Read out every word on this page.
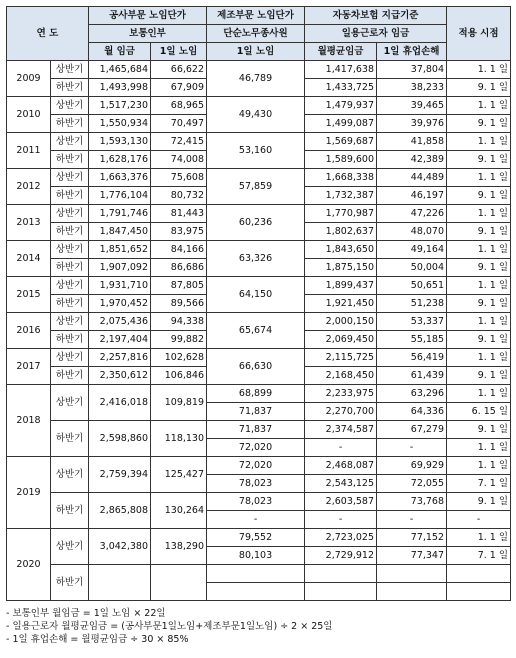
연 도		공사부문 노임단가		제조부문 노임단가	자동차보험 지급기준		적용 시점
		보통인부		단순노무종사원	일용근로자 임금		
		월 임금	1일 노임	1일 노임	월평균임금	1일 휴업손해	
2009	상반기	1,465,684	66,622	46,789	1,417,638	37,804	1. 1 일
	하반기	1,493,998	67,909		1,433,725	38,233	9. 1 일
2010	상반기	1,517,230	68,965	49,430	1,479,937	39,465	1. 1 일
	하반기	1,550,934	70,497		1,499,087	39,976	9. 1 일
2011	상반기	1,593,130	72,415	53,160	1,569,687	41,858	1. 1 일
	하반기	1,628,176	74,008		1,589,600	42,389	9. 1 일
2012	상반기	1,663,376	75,608	57,859	1,668,338	44,489	1. 1 일
	하반기	1,776,104	80,732		1,732,387	46,197	9. 1 일
2013	상반기	1,791,746	81,443	60,236	1,770,987	47,226	1. 1 일
	하반기	1,847,450	83,975		1,802,637	48,070	9. 1 일
2014	상반기	1,851,652	84,166	63,326	1,843,650	49,164	1. 1 일
	하반기	1,907,092	86,686		1,875,150	50,004	9. 1 일
2015	상반기	1,931,710	87,805	64,150	1,899,437	50,651	1. 1 일
	하반기	1,970,452	89,566		1,921,450	51,238	9. 1 일
2016	상반기	2,075,436	94,338	65,674	2,000,150	53,337	1. 1 일
	하반기	2,197,404	99,882		2,069,450	55,185	9. 1 일
2017	상반기	2,257,816	102,628	66,630	2,115,725	56,419	1. 1 일
	하반기	2,350,612	106,846		2,168,450	61,439	9. 1 일
2018	상반기	2,416,018	109,819	68,899	2,233,975	63,296	1. 1 일
				71,837	2,270,700	64,336	6. 15 일
	하반기	2,598,860	118,130	71,837	2,374,587	67,279	9. 1 일
				72,020	-	-	1. 1 일
2019	상반기	2,759,394	125,427	72,020	2,468,087	69,929	1. 1 일
				78,023	2,543,125	72,055	7. 1 일
	하반기	2,865,808	130,264	78,023	2,603,587	73,768	9. 1 일
				-	-	-	-
2020	상반기	3,042,380	138,290	79,552	2,723,025	77,152	1. 1 일
				80,103	2,729,912	77,347	7. 1 일
	하반기						

- 보통인부 월임금 = 1일 노임 × 22일
- 일용근로자 월평균임금 = (공사부문1일노임+제조부문1일노임) ÷ 2 × 25일
- 1일 휴업손해 = 월평균임금 ÷ 30 × 85%
